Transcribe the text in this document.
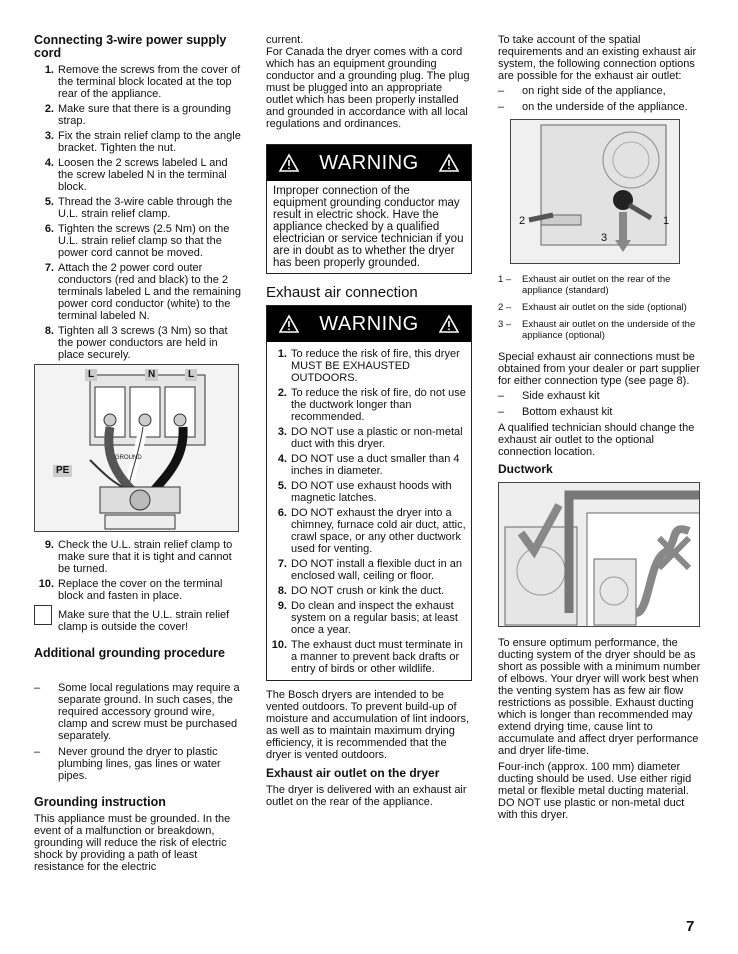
Connecting 3-wire power supply cord
1. Remove the screws from the cover of the terminal block located at the top rear of the appliance.
2. Make sure that there is a grounding strap.
3. Fix the strain relief clamp to the angle bracket. Tighten the nut.
4. Loosen the 2 screws labeled L and the screw labeled N in the terminal block.
5. Thread the 3-wire cable through the U.L. strain relief clamp.
6. Tighten the screws (2.5 Nm) on the U.L. strain relief clamp so that the power cord cannot be moved.
7. Attach the 2 power cord outer conductors (red and black) to the 2 terminals labeled L and the remaining power cord conductor (white) to the terminal labeled N.
8. Tighten all 3 screws (3 Nm) so that the power conductors are held in place securely.
L	N	L
PE
GROUND
9. Check the U.L. strain relief clamp to make sure that it is tight and cannot be turned.
10. Replace the cover on the terminal block and fasten in place.

Make sure that the U.L. strain relief clamp is outside the cover!

Additional grounding procedure
– Some local regulations may require a separate ground. In such cases, the required accessory ground wire, clamp and screw must be purchased separately.
– Never ground the dryer to plastic plumbing lines, gas lines or water pipes.
Grounding instruction

This appliance must be grounded. In the event of a malfunction or breakdown, grounding will reduce the risk of electric shock by providing a path of least resistance for the electric

current.
For Canada the dryer comes with a cord which has an equipment grounding conductor and a grounding plug. The plug must be plugged into an appropriate outlet which has been properly installed and grounded in accordance with all local regulations and ordinances.

WARNING
Improper connection of the equipment grounding conductor may result in electric shock. Have the appliance checked by a qualified electrician or service technician if you are in doubt as to whether the dryer has been properly grounded.
Exhaust air connection
WARNING
1. To reduce the risk of fire, this dryer MUST BE EXHAUSTED OUTDOORS.
2. To reduce the risk of fire, do not use the ductwork longer than recommended.
3. DO NOT use a plastic or non-metal duct with this dryer.
4. DO NOT use a duct smaller than 4 inches in diameter.
5. DO NOT use exhaust hoods with magnetic latches.
6. DO NOT exhaust the dryer into a chimney, furnace cold air duct, attic, crawl space, or any other ductwork used for venting.
7. DO NOT install a flexible duct in an enclosed wall, ceiling or floor.
8. DO NOT crush or kink the duct.
9. Do clean and inspect the exhaust system on a regular basis; at least once a year.
10. The exhaust duct must terminate in a manner to prevent back drafts or entry of birds or other wildlife.

The Bosch dryers are intended to be vented outdoors. To prevent build-up of moisture and accumulation of lint indoors, as well as to maintain maximum drying efficiency, it is recommended that the dryer is vented outdoors.

Exhaust air outlet on the dryer

The dryer is delivered with an exhaust air outlet on the rear of the appliance.

To take account of the spatial requirements and an existing exhaust air system, the following connection options are possible for the exhaust air outlet:

– on right side of the appliance,
– on the underside of the appliance.
2	1
3
1 – Exhaust air outlet on the rear of the appliance (standard)
2 – Exhaust air outlet on the side (optional)
3 – Exhaust air outlet on the underside of the appliance (optional)

Special exhaust air connections must be obtained from your dealer or part supplier for either connection type (see page 8).

– Side exhaust kit
– Bottom exhaust kit

A qualified technician should change the exhaust air outlet to the optional connection location.

Ductwork

To ensure optimum performance, the ducting system of the dryer should be as short as possible with a minimum number of elbows. Your dryer will work best when the venting system has as few air flow restrictions as possible. Exhaust ducting which is longer than recommended may extend drying time, cause lint to accumulate and affect dryer performance and dryer life-time.

Four-inch (approx. 100 mm) diameter ducting should be used. Use either rigid metal or flexible metal ducting material.

DO NOT use plastic or non-metal duct with this dryer.

7
